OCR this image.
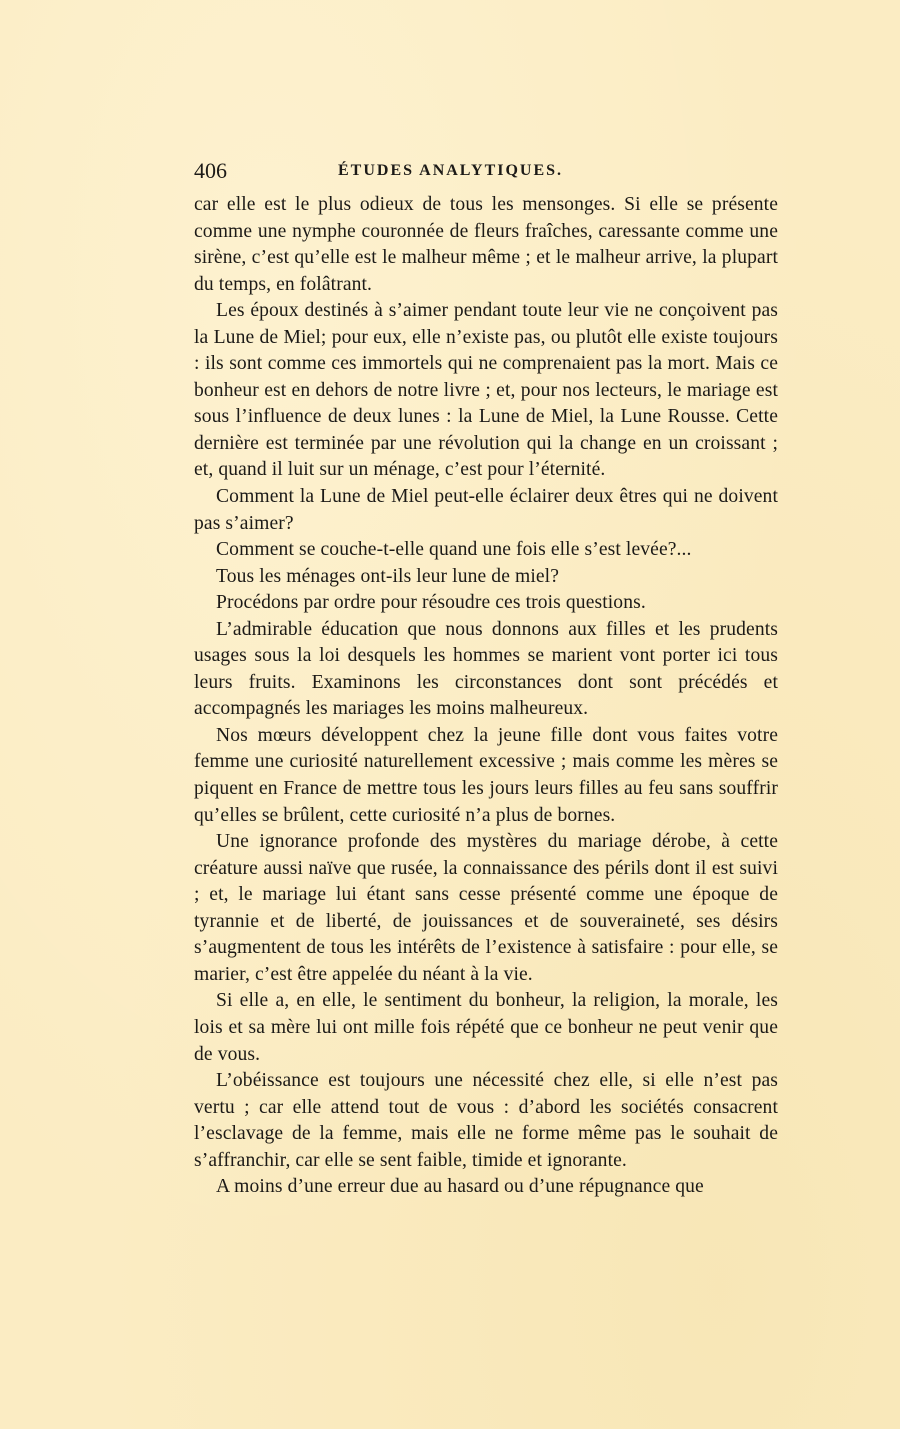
406	ÉTUDES ANALYTIQUES.

car elle est le plus odieux de tous les mensonges. Si elle se présente comme une nymphe couronnée de fleurs fraîches, caressante comme une sirène, c’est qu’elle est le malheur même ; et le malheur arrive, la plupart du temps, en folâtrant.

Les époux destinés à s’aimer pendant toute leur vie ne conçoivent pas la Lune de Miel; pour eux, elle n’existe pas, ou plutôt elle existe toujours : ils sont comme ces immortels qui ne comprenaient pas la mort. Mais ce bonheur est en dehors de notre livre ; et, pour nos lecteurs, le mariage est sous l’influence de deux lunes : la Lune de Miel, la Lune Rousse. Cette dernière est terminée par une révolution qui la change en un croissant ; et, quand il luit sur un ménage, c’est pour l’éternité.

Comment la Lune de Miel peut-elle éclairer deux êtres qui ne doivent pas s’aimer?

Comment se couche-t-elle quand une fois elle s’est levée?...

Tous les ménages ont-ils leur lune de miel?

Procédons par ordre pour résoudre ces trois questions.

L’admirable éducation que nous donnons aux filles et les prudents usages sous la loi desquels les hommes se marient vont porter ici tous leurs fruits. Examinons les circonstances dont sont précédés et accompagnés les mariages les moins malheureux.

Nos mœurs développent chez la jeune fille dont vous faites votre femme une curiosité naturellement excessive ; mais comme les mères se piquent en France de mettre tous les jours leurs filles au feu sans souffrir qu’elles se brûlent, cette curiosité n’a plus de bornes.

Une ignorance profonde des mystères du mariage dérobe, à cette créature aussi naïve que rusée, la connaissance des périls dont il est suivi ; et, le mariage lui étant sans cesse présenté comme une époque de tyrannie et de liberté, de jouissances et de souveraineté, ses désirs s’augmentent de tous les intérêts de l’existence à satisfaire : pour elle, se marier, c’est être appelée du néant à la vie.

Si elle a, en elle, le sentiment du bonheur, la religion, la morale, les lois et sa mère lui ont mille fois répété que ce bonheur ne peut venir que de vous.

L’obéissance est toujours une nécessité chez elle, si elle n’est pas vertu ; car elle attend tout de vous : d’abord les sociétés consacrent l’esclavage de la femme, mais elle ne forme même pas le souhait de s’affranchir, car elle se sent faible, timide et ignorante.

A moins d’une erreur due au hasard ou d’une répugnance que
